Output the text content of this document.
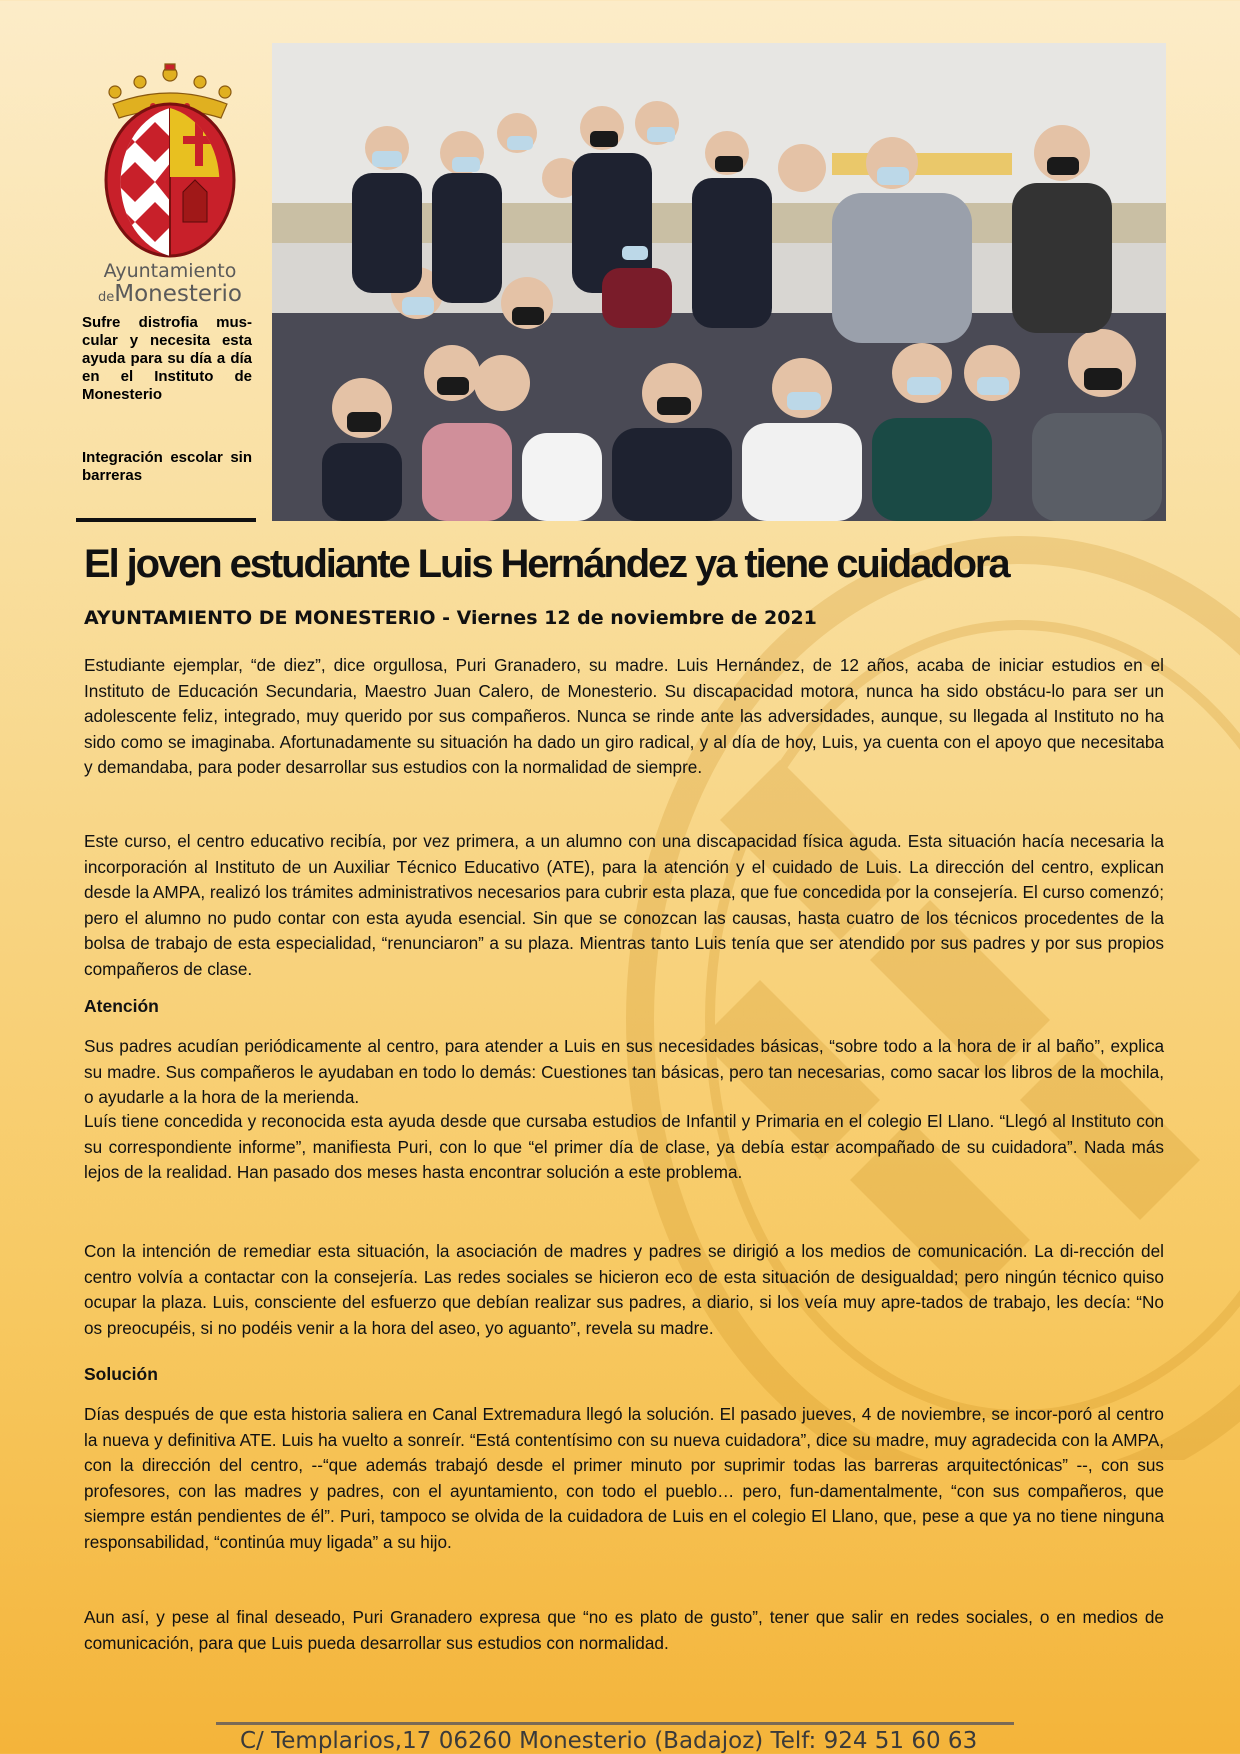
Ayuntamiento
deMonesterio
Sufre distrofia mus-cular y necesita esta ayuda para su día a día en el Instituto de Monesterio
Integración escolar sin barreras
El joven estudiante Luis Hernández ya tiene cuidadora

AYUNTAMIENTO DE MONESTERIO - Viernes 12 de noviembre de 2021

Estudiante ejemplar, “de diez”, dice orgullosa, Puri Granadero, su madre. Luis Hernández, de 12 años, acaba de iniciar estudios en el Instituto de Educación Secundaria, Maestro Juan Calero, de Monesterio. Su discapacidad motora, nunca ha sido obstácu-lo para ser un adolescente feliz, integrado, muy querido por sus compañeros. Nunca se rinde ante las adversidades, aunque, su llegada al Instituto no ha sido como se imaginaba. Afortunadamente su situación ha dado un giro radical, y al día de hoy, Luis, ya cuenta con el apoyo que necesitaba y demandaba, para poder desarrollar sus estudios con la normalidad de siempre.

Este curso, el centro educativo recibía, por vez primera, a un alumno con una discapacidad física aguda. Esta situación hacía necesaria la incorporación al Instituto de un Auxiliar Técnico Educativo (ATE), para la atención y el cuidado de Luis. La dirección del centro, explican desde la AMPA, realizó los trámites administrativos necesarios para cubrir esta plaza, que fue concedida por la consejería. El curso comenzó; pero el alumno no pudo contar con esta ayuda esencial. Sin que se conozcan las causas, hasta cuatro de los técnicos procedentes de la bolsa de trabajo de esta especialidad, “renunciaron” a su plaza. Mientras tanto Luis tenía que ser atendido por sus padres y por sus propios compañeros de clase.

Atención

Sus padres acudían periódicamente al centro, para atender a Luis en sus necesidades básicas, “sobre todo a la hora de ir al baño”, explica su madre. Sus compañeros le ayudaban en todo lo demás: Cuestiones tan básicas, pero tan necesarias, como sacar los libros de la mochila, o ayudarle a la hora de la merienda.

Luís tiene concedida y reconocida esta ayuda desde que cursaba estudios de Infantil y Primaria en el colegio El Llano. “Llegó al Instituto con su correspondiente informe”, manifiesta Puri, con lo que “el primer día de clase, ya debía estar acompañado de su cuidadora”. Nada más lejos de la realidad. Han pasado dos meses hasta encontrar solución a este problema.

Con la intención de remediar esta situación, la asociación de madres y padres se dirigió a los medios de comunicación. La di-rección del centro volvía a contactar con la consejería. Las redes sociales se hicieron eco de esta situación de desigualdad; pero ningún técnico quiso ocupar la plaza. Luis, consciente del esfuerzo que debían realizar sus padres, a diario, si los veía muy apre-tados de trabajo, les decía: “No os preocupéis, si no podéis venir a la hora del aseo, yo aguanto”, revela su madre.

Solución

Días después de que esta historia saliera en Canal Extremadura llegó la solución. El pasado jueves, 4 de noviembre, se incor-poró al centro la nueva y definitiva ATE. Luis ha vuelto a sonreír. “Está contentísimo con su nueva cuidadora”, dice su madre, muy agradecida con la AMPA, con la dirección del centro, --“que además trabajó desde el primer minuto por suprimir todas las barreras arquitectónicas” --, con sus profesores, con las madres y padres, con el ayuntamiento, con todo el pueblo… pero, fun-damentalmente, “con sus compañeros, que siempre están pendientes de él”. Puri, tampoco se olvida de la cuidadora de Luis en el colegio El Llano, que, pese a que ya no tiene ninguna responsabilidad, “continúa muy ligada” a su hijo.

Aun así, y pese al final deseado, Puri Granadero expresa que “no es plato de gusto”, tener que salir en redes sociales, o en medios de comunicación, para que Luis pueda desarrollar sus estudios con normalidad.

C/ Templarios,17 06260 Monesterio (Badajoz) Telf: 924 51 60 63
